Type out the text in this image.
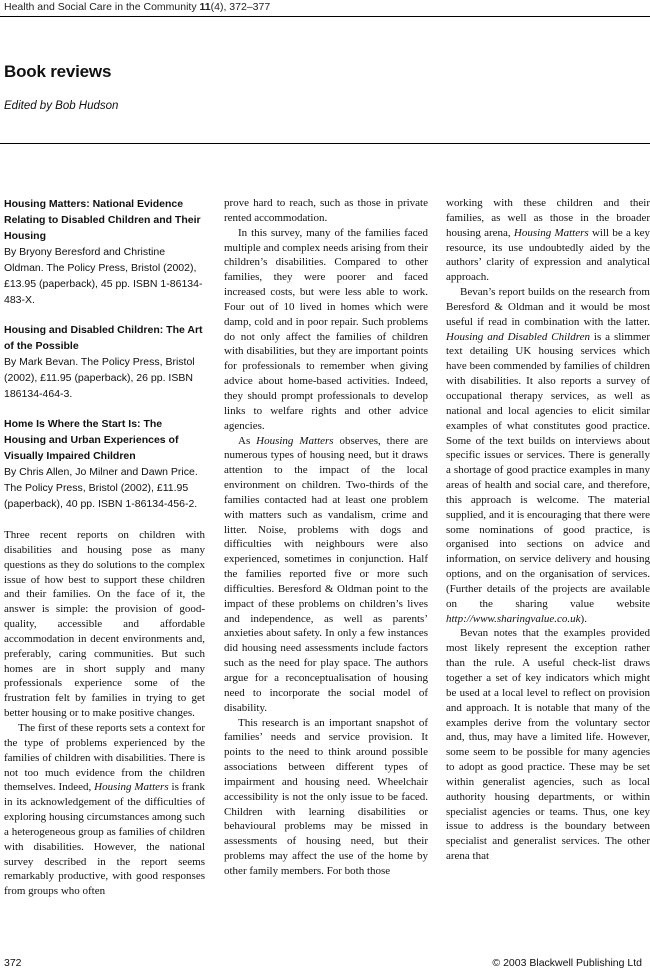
Health and Social Care in the Community 11(4), 372–377
Book reviews
Edited by Bob Hudson
Housing Matters: National Evidence Relating to Disabled Children and Their Housing
By Bryony Beresford and Christine Oldman. The Policy Press, Bristol (2002), £13.95 (paperback), 45 pp. ISBN 1-86134-483-X.
Housing and Disabled Children: The Art of the Possible
By Mark Bevan. The Policy Press, Bristol (2002), £11.95 (paperback), 26 pp. ISBN 186134-464-3.
Home Is Where the Start Is: The Housing and Urban Experiences of Visually Impaired Children
By Chris Allen, Jo Milner and Dawn Price. The Policy Press, Bristol (2002), £11.95 (paperback), 40 pp. ISBN 1-86134-456-2.

Three recent reports on children with disabilities and housing pose as many questions as they do solutions to the complex issue of how best to support these children and their families. On the face of it, the answer is simple: the provision of good-quality, accessible and affordable accommodation in decent environments and, preferably, caring communities. But such homes are in short supply and many professionals experience some of the frustration felt by families in trying to get better housing or to make positive changes.

The first of these reports sets a context for the type of problems experienced by the families of children with disabilities. There is not too much evidence from the children themselves. Indeed, Housing Matters is frank in its acknowledgement of the difficulties of exploring housing circumstances among such a heterogeneous group as families of children with disabilities. However, the national survey described in the report seems remarkably productive, with good responses from groups who often

prove hard to reach, such as those in private rented accommodation.

In this survey, many of the families faced multiple and complex needs arising from their children’s disabilities. Compared to other families, they were poorer and faced increased costs, but were less able to work. Four out of 10 lived in homes which were damp, cold and in poor repair. Such problems do not only affect the families of children with disabilities, but they are important points for professionals to remember when giving advice about home-based activities. Indeed, they should prompt professionals to develop links to welfare rights and other advice agencies.

As Housing Matters observes, there are numerous types of housing need, but it draws attention to the impact of the local environment on children. Two-thirds of the families contacted had at least one problem with matters such as vandalism, crime and litter. Noise, problems with dogs and difficulties with neighbours were also experienced, sometimes in conjunction. Half the families reported five or more such difficulties. Beresford & Oldman point to the impact of these problems on children’s lives and independence, as well as parents’ anxieties about safety. In only a few instances did housing need assessments include factors such as the need for play space. The authors argue for a reconceptualisation of housing need to incorporate the social model of disability.

This research is an important snapshot of families’ needs and service provision. It points to the need to think around possible associations between different types of impairment and housing need. Wheelchair accessibility is not the only issue to be faced. Children with learning disabilities or behavioural problems may be missed in assessments of housing need, but their problems may affect the use of the home by other family members. For both those

working with these children and their families, as well as those in the broader housing arena, Housing Matters will be a key resource, its use undoubtedly aided by the authors’ clarity of expression and analytical approach.

Bevan’s report builds on the research from Beresford & Oldman and it would be most useful if read in combination with the latter. Housing and Disabled Children is a slimmer text detailing UK housing services which have been commended by families of children with disabilities. It also reports a survey of occupational therapy services, as well as national and local agencies to elicit similar examples of what constitutes good practice. Some of the text builds on interviews about specific issues or services. There is generally a shortage of good practice examples in many areas of health and social care, and therefore, this approach is welcome. The material supplied, and it is encouraging that there were some nominations of good practice, is organised into sections on advice and information, on service delivery and housing options, and on the organisation of services. (Further details of the projects are available on the sharing value website http://www.sharingvalue.co.uk).

Bevan notes that the examples provided most likely represent the exception rather than the rule. A useful check-list draws together a set of key indicators which might be used at a local level to reflect on provision and approach. It is notable that many of the examples derive from the voluntary sector and, thus, may have a limited life. However, some seem to be possible for many agencies to adopt as good practice. These may be set within generalist agencies, such as local authority housing departments, or within specialist agencies or teams. Thus, one key issue to address is the boundary between specialist and generalist services. The other arena that

372	© 2003 Blackwell Publishing Ltd
